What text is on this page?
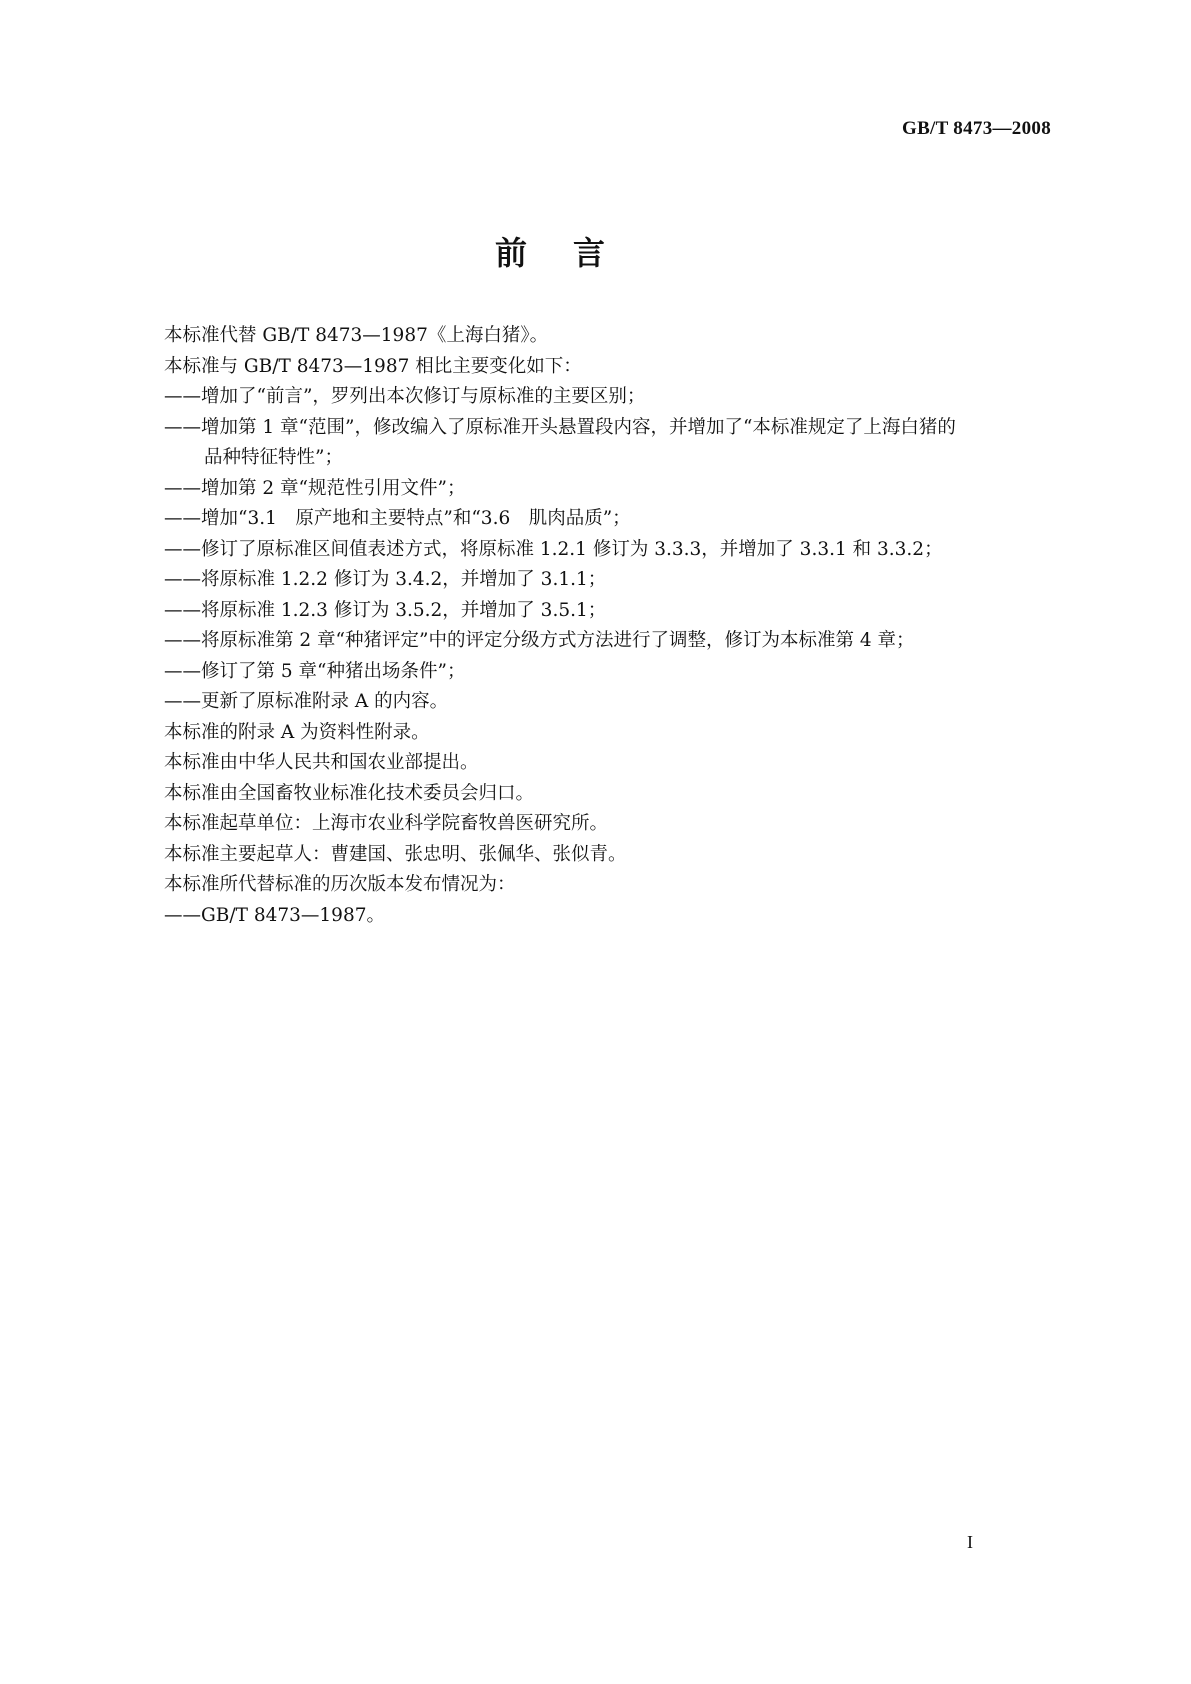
GB/T 8473—2008
前言
本标准代替 GB/T 8473—1987《上海白猪》。
本标准与 GB/T 8473—1987 相比主要变化如下：
——增加了“前言”，罗列出本次修订与原标准的主要区别；
——增加第 1 章“范围”，修改编入了原标准开头悬置段内容，并增加了“本标准规定了上海白猪的
品种特征特性”；
——增加第 2 章“规范性引用文件”；
——增加“3.1　原产地和主要特点”和“3.6　肌肉品质”；
——修订了原标准区间值表述方式，将原标准 1.2.1 修订为 3.3.3，并增加了 3.3.1 和 3.3.2；
——将原标准 1.2.2 修订为 3.4.2，并增加了 3.1.1；
——将原标准 1.2.3 修订为 3.5.2，并增加了 3.5.1；
——将原标准第 2 章“种猪评定”中的评定分级方式方法进行了调整，修订为本标准第 4 章；
——修订了第 5 章“种猪出场条件”；
——更新了原标准附录 A 的内容。
本标准的附录 A 为资料性附录。
本标准由中华人民共和国农业部提出。
本标准由全国畜牧业标准化技术委员会归口。
本标准起草单位：上海市农业科学院畜牧兽医研究所。
本标准主要起草人：曹建国、张忠明、张佩华、张似青。
本标准所代替标准的历次版本发布情况为：
——GB/T 8473—1987。
I
